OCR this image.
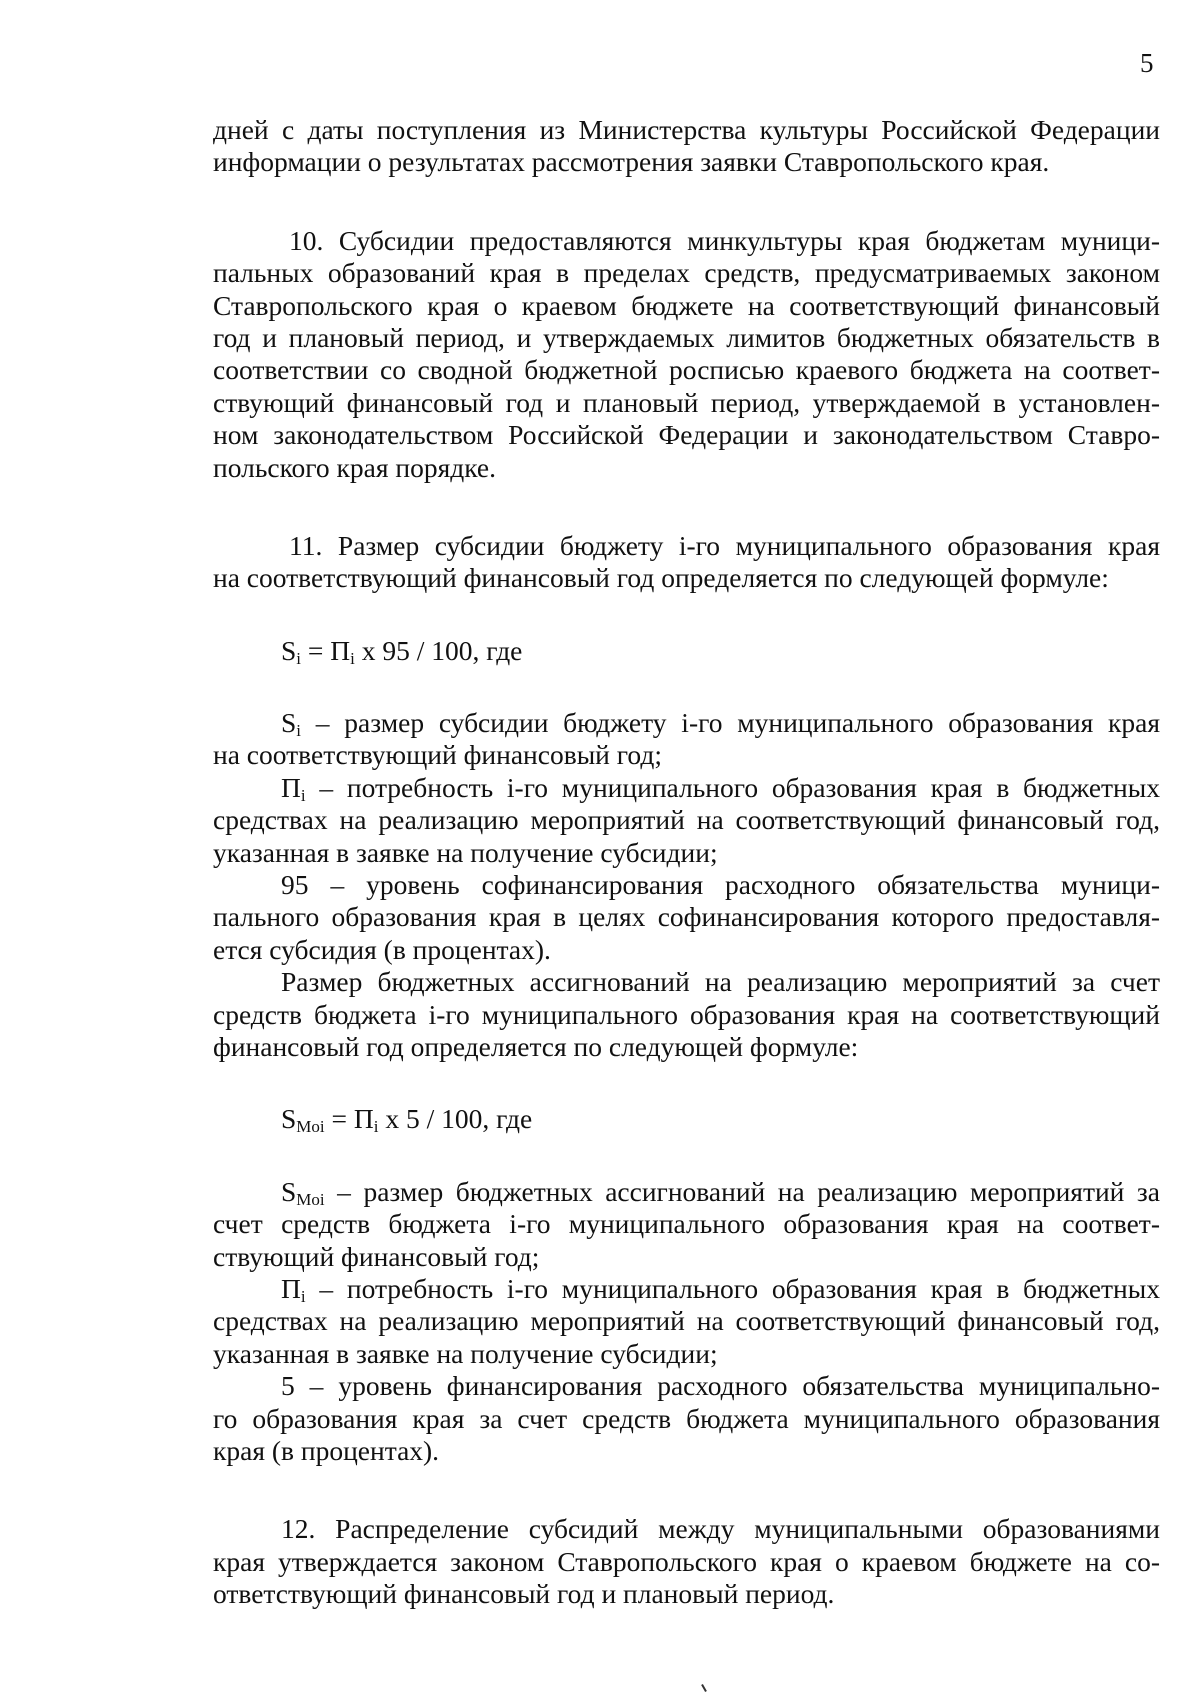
5
дней с даты поступления из Министерства культуры Российской Федерации
информации о результатах рассмотрения заявки Ставропольского края.
10. Субсидии предоставляются минкультуры края бюджетам муници-
пальных образований края в пределах средств, предусматриваемых законом
Ставропольского края о краевом бюджете на соответствующий финансовый
год и плановый период, и утверждаемых лимитов бюджетных обязательств в
соответствии со сводной бюджетной росписью краевого бюджета на соответ-
ствующий финансовый год и плановый период, утверждаемой в установлен-
ном законодательством Российской Федерации и законодательством Ставро-
польского края порядке.
11. Размер субсидии бюджету i-го муниципального образования края
на соответствующий финансовый год определяется по следующей формуле:
$S_i = П_i$ х 95 / 100, где
$S_i$ – размер субсидии бюджету i-го муниципального образования края
на соответствующий финансовый год;
$П_i$ – потребность i-го муниципального образования края в бюджетных
средствах на реализацию мероприятий на соответствующий финансовый год,
указанная в заявке на получение субсидии;
95 – уровень софинансирования расходного обязательства муници-
пального образования края в целях софинансирования которого предоставля-
ется субсидия (в процентах).
Размер бюджетных ассигнований на реализацию мероприятий за счет
средств бюджета i-го муниципального образования края на соответствующий
финансовый год определяется по следующей формуле:
$S_{Moi} = П_i$ х 5 / 100, где
$S_{Moi}$ – размер бюджетных ассигнований на реализацию мероприятий за
счет средств бюджета i-го муниципального образования края на соответ-
ствующий финансовый год;
$П_i$ – потребность i-го муниципального образования края в бюджетных
средствах на реализацию мероприятий на соответствующий финансовый год,
указанная в заявке на получение субсидии;
5 – уровень финансирования расходного обязательства муниципально-
го образования края за счет средств бюджета муниципального образования
края (в процентах).
12. Распределение субсидий между муниципальными образованиями
края утверждается законом Ставропольского края о краевом бюджете на со-
ответствующий финансовый год и плановый период.
